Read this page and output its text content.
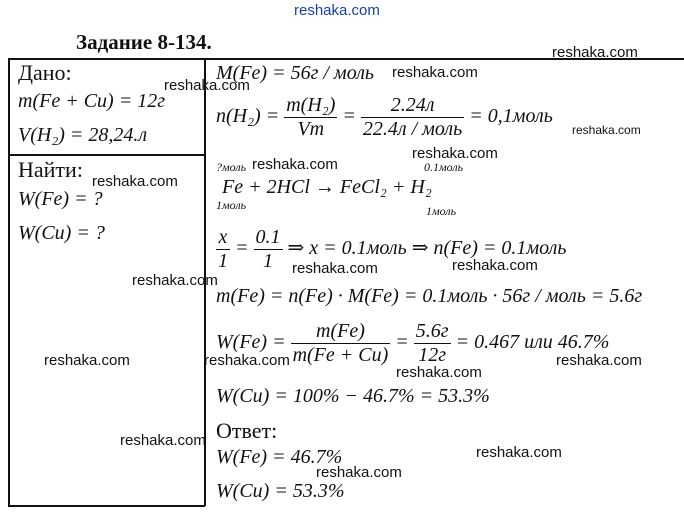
reshaka.com
Задание 8-134.
Дано:
m(Fe + Cu) = 12г
V(H₂) = 28,24.л
Найти:
W(Fe) = ?
W(Cu) = ?
M(Fe) = 56г / моль
$n(H_2) = \frac{\text{m(H₂)}}{Vm} = \frac{2.24л}{\text{22.4л / моль}}$ = 0,1моль
?моль	0.1моль
Fe + 2HCl → FeCl₂ + H₂
1моль	1моль
$\frac{x}{1} = \frac{0.1}{1}$ ⇒ x = 0.1моль ⇒ n(Fe) = 0.1моль
m(Fe) = n(Fe) · M(Fe) = 0.1моль · 56г / моль = 5.6г
$W(Fe) = \frac{m(Fe)}{m(Fe + Cu)} = \frac{5.6г}{12г} = 0.467$ или 46.7%
W(Cu) = 100% − 46.7% = 53.3%
Ответ:
W(Fe) = 46.7%
W(Cu) = 53.3%
reshaka.com
reshaka.com
reshaka.com
reshaka.com
reshaka.com
reshaka.com
reshaka.com
reshaka.com	reshaka.com
reshaka.com
reshaka.com	reshaka.com	reshaka.com
reshaka.com
reshaka.com
reshaka.com
reshaka.com
